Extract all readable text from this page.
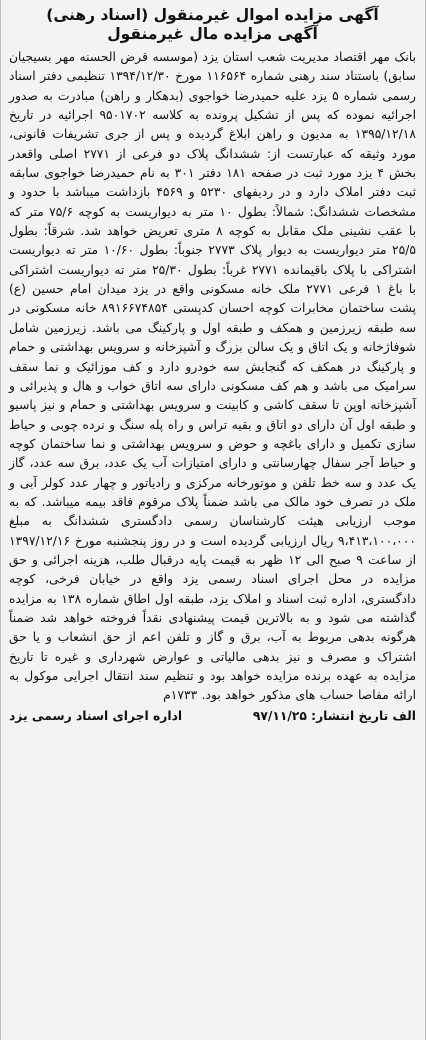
آگهی مزایده اموال غیرمنقول (اسناد رهنی)
آگهی مزایده مال غیرمنقول

بانک مهر اقتصاد مدیریت شعب استان یزد (موسسه قرض الحسنه مهر بسیجیان سابق) باستناد سند رهنی شماره ۱۱۶۵۶۴ مورخ ۱۳۹۴/۱۲/۳۰ تنظیمی دفتر اسناد رسمی شماره ۵ یزد علیه حمیدرضا خواجوی (بدهکار و راهن) مبادرت به صدور اجرائیه نموده که پس از تشکیل پرونده به کلاسه ۹۵۰۱۷۰۲ اجرائیه در تاریخ ۱۳۹۵/۱۲/۱۸ به مدیون و راهن ابلاغ گردیده و پس از جری تشریفات قانونی، مورد وثیقه که عبارتست از: ششدانگ پلاک دو فرعی از ۲۷۷۱ اصلی واقعدر بخش ۴ یزد مورد ثبت در صفحه ۱۸۱ دفتر ۳۰۱ به نام حمیدرضا خواجوی سابقه ثبت دفتر املاک دارد و در ردیفهای ۵۲۳۰ و ۴۵۶۹ بازداشت میباشد با حدود و مشخصات ششدانگ: شمالاً: بطول ۱۰ متر به دیواریست به کوچه ۷۵/۶ متر که با عقب نشینی ملک مقابل به کوچه ۸ متری تعریض خواهد شد. شرقاً: بطول ۲۵/۵ متر دیواریست به دیوار پلاک ۲۷۷۳ جنوباً: بطول ۱۰/۶۰ متر ته دیواریست اشتراکی با پلاک باقیمانده ۲۷۷۱ غرباً: بطول ۲۵/۳۰ متر ته دیواریست اشتراکی با باغ ۱ فرعی ۲۷۷۱ ملک خانه مسکونی واقع در یزد میدان امام حسین (ع) پشت ساختمان مخابرات کوچه احسان کدپستی ۸۹۱۶۶۷۴۸۵۴ خانه مسکونی در سه طبقه زیرزمین و همکف و طبقه اول و پارکینگ می باشد. زیرزمین شامل شوفاژخانه و یک اتاق و یک سالن بزرگ و آشپزخانه و سرویس بهداشتی و حمام و پارکینگ در همکف که گنجایش سه خودرو دارد و کف موزائیک و نما سقف سرامیک می باشد و هم کف مسکونی دارای سه اتاق خواب و هال و پذیرائی و آشپزخانه اوپن تا سقف کاشی و کابینت و سرویس بهداشتی و حمام و نیز پاسیو و طبقه اول آن دارای دو اتاق و بقیه تراس و راه پله سنگ و نرده چوبی و حیاط سازی تکمیل و دارای باغچه و حوض و سرویس بهداشتی و نما ساختمان کوچه و حیاط آجر سفال چهارسانتی و دارای امتیازات آب یک عدد، برق سه عدد، گاز یک عدد و سه خط تلفن و موتورخانه مرکزی و رادیاتور و چهار عدد کولر آبی و ملک در تصرف خود مالک می باشد ضمناً پلاک مرقوم فاقد بیمه میباشد. که به موجب ارزیابی هیئت کارشناسان رسمی دادگستری ششدانگ به مبلغ ۹،۴۱۳،۱۰۰،۰۰۰ ریال ارزیابی گردیده است و در روز پنجشنبه مورخ ۱۳۹۷/۱۲/۱۶ از ساعت ۹ صبح الی ۱۲ ظهر به قیمت پایه درقبال طلب، هزینه اجرائی و حق مزایده در محل اجرای اسناد رسمی یزد واقع در خیابان فرخی، کوچه دادگستری، اداره ثبت اسناد و املاک یزد، طبقه اول اطاق شماره ۱۳۸ به مزایده گذاشته می شود و به بالاترین قیمت پیشنهادی نقداً فروخته خواهد شد ضمناً هرگونه بدهی مربوط به آب، برق و گاز و تلفن اعم از حق انشعاب و یا حق اشتراک و مصرف و نیز بدهی مالیاتی و عوارض شهرداری و غیره تا تاریخ مزایده به عهده برنده مزایده خواهد بود و تنظیم سند انتقال اجرایی موکول به ارائه مفاصا حساب های مذکور خواهد بود. ۱۷۳۳م

الف تاریخ انتشار: ۹۷/۱۱/۲۵
اداره اجرای اسناد رسمی یزد
